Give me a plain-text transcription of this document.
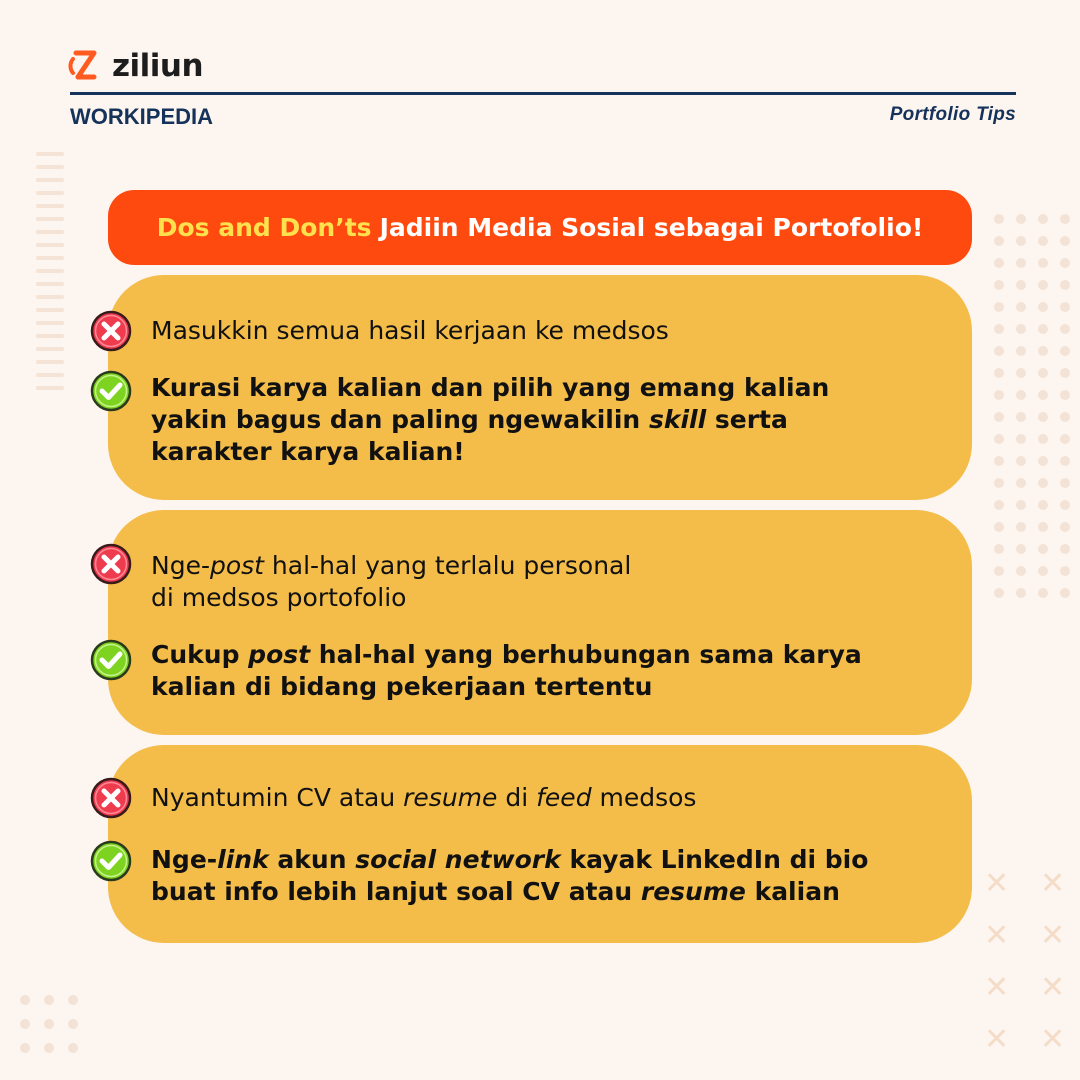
ziliun
WORKIPEDIA	Portfolio Tips
✕	✕
✕	✕
✕	✕
✕	✕
Dos and Don’ts Jadiin Media Sosial sebagai Portofolio!
Masukkin semua hasil kerjaan ke medsos
Kurasi karya kalian dan pilih yang emang kalian
yakin bagus dan paling ngewakilin skill serta
karakter karya kalian!
Nge-post hal-hal yang terlalu personal
di medsos portofolio
Cukup post hal-hal yang berhubungan sama karya
kalian di bidang pekerjaan tertentu
Nyantumin CV atau resume di feed medsos
Nge-link akun social network kayak LinkedIn di bio
buat info lebih lanjut soal CV atau resume kalian
